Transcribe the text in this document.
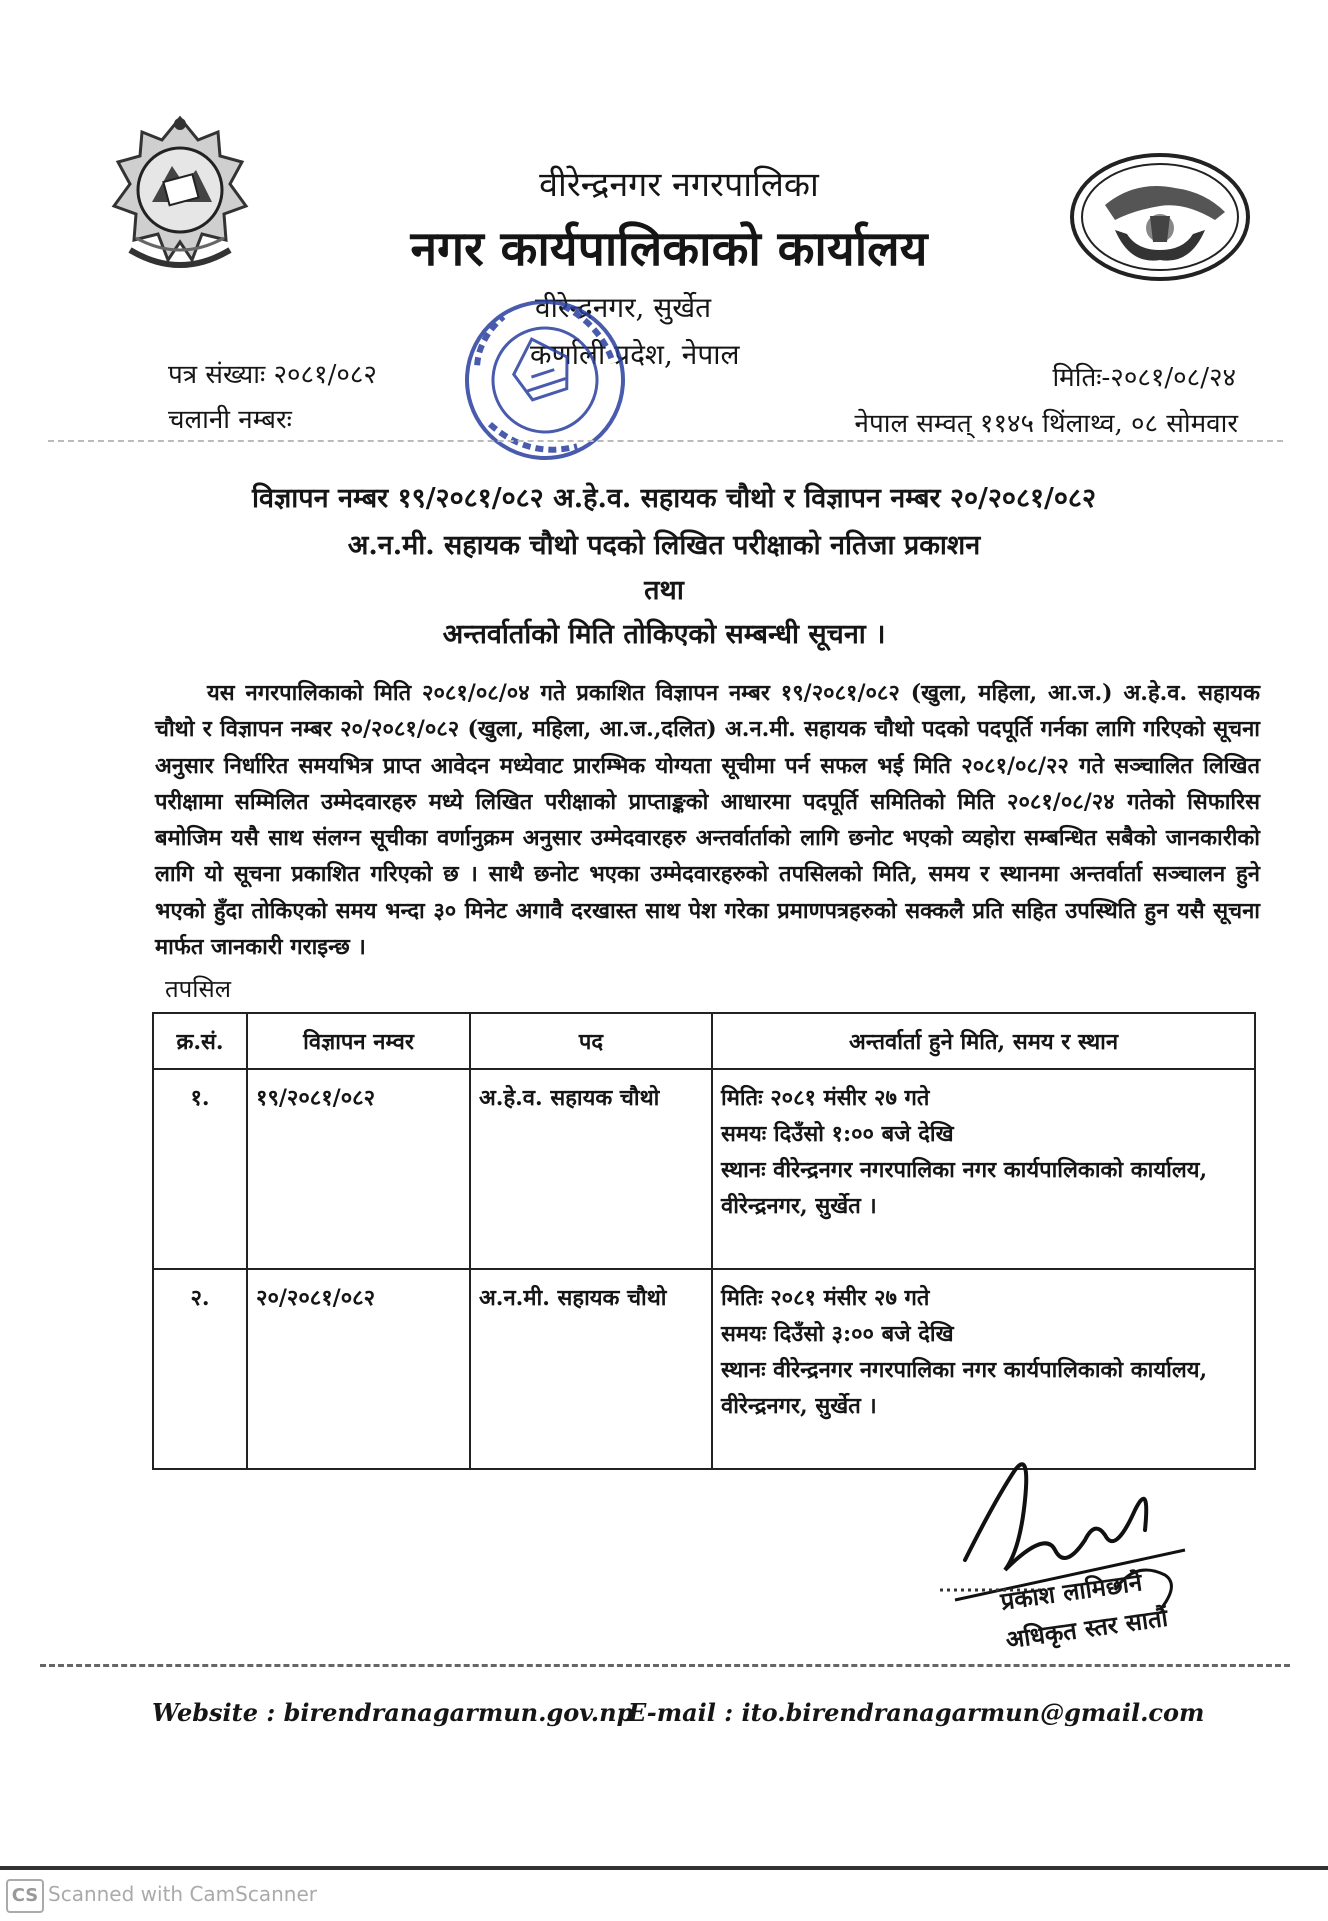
वीरेन्द्रनगर नगरपालिका
नगर कार्यपालिकाको कार्यालय
वीरेन्द्रनगर, सुर्खेत
कर्णाली प्रदेश, नेपाल
पत्र संख्याः २०८१/०८२
चलानी नम्बरः
मितिः-२०८१/०८/२४
नेपाल सम्वत् ११४५ थिंलाथ्व, ०८ सोमवार
विज्ञापन नम्बर १९/२०८१/०८२ अ.हे.व. सहायक चौथो र विज्ञापन नम्बर २०/२०८१/०८२
अ.न.मी. सहायक चौथो पदको लिखित परीक्षाको नतिजा प्रकाशन
तथा
अन्तर्वार्ताको मिति तोकिएको सम्बन्धी सूचना ।
यस नगरपालिकाको मिति २०८१/०८/०४ गते प्रकाशित विज्ञापन नम्बर १९/२०८१/०८२ (खुला, महिला, आ.ज.) अ.हे.व. सहायक चौथो र विज्ञापन नम्बर २०/२०८१/०८२ (खुला, महिला, आ.ज.,दलित) अ.न.मी. सहायक चौथो पदको पदपूर्ति गर्नका लागि गरिएको सूचना अनुसार निर्धारित समयभित्र प्राप्त आवेदन मध्येवाट प्रारम्भिक योग्यता सूचीमा पर्न सफल भई मिति २०८१/०८/२२ गते सञ्चालित लिखित परीक्षामा सम्मिलित उम्मेदवारहरु मध्ये लिखित परीक्षाको प्राप्ताङ्कको आधारमा पदपूर्ति समितिको मिति २०८१/०८/२४ गतेको सिफारिस बमोजिम यसै साथ संलग्न सूचीका वर्णानुक्रम अनुसार उम्मेदवारहरु अन्तर्वार्ताको लागि छनोट भएको व्यहोरा सम्बन्धित सबैको जानकारीको लागि यो सूचना प्रकाशित गरिएको छ । साथै छनोट भएका उम्मेदवारहरुको तपसिलको मिति, समय र स्थानमा अन्तर्वार्ता सञ्चालन हुने भएको हुँदा तोकिएको समय भन्दा ३० मिनेट अगावै दरखास्त साथ पेश गरेका प्रमाणपत्रहरुको सक्कलै प्रति सहित उपस्थिति हुन यसै सूचना मार्फत जानकारी गराइन्छ ।
तपसिल
क्र.सं.	विज्ञापन नम्वर	पद	अन्तर्वार्ता हुने मिति, समय र स्थान
१.	१९/२०८१/०८२	अ.हे.व. सहायक चौथो	मितिः २०८१ मंसीर २७ गते
समयः दिउँसो १:०० बजे देखि
स्थानः वीरेन्द्रनगर नगरपालिका नगर कार्यपालिकाको कार्यालय, वीरेन्द्रनगर, सुर्खेत ।

२.	२०/२०८१/०८२	अ.न.मी. सहायक चौथो	मितिः २०८१ मंसीर २७ गते
समयः दिउँसो ३:०० बजे देखि
स्थानः वीरेन्द्रनगर नगरपालिका नगर कार्यपालिकाको कार्यालय, वीरेन्द्रनगर, सुर्खेत ।
प्रकाश लामिछाने
अधिकृत स्तर सातौं
Website : birendranagarmun.gov.np
E-mail : ito.birendranagarmun@gmail.com
CS Scanned with CamScanner
